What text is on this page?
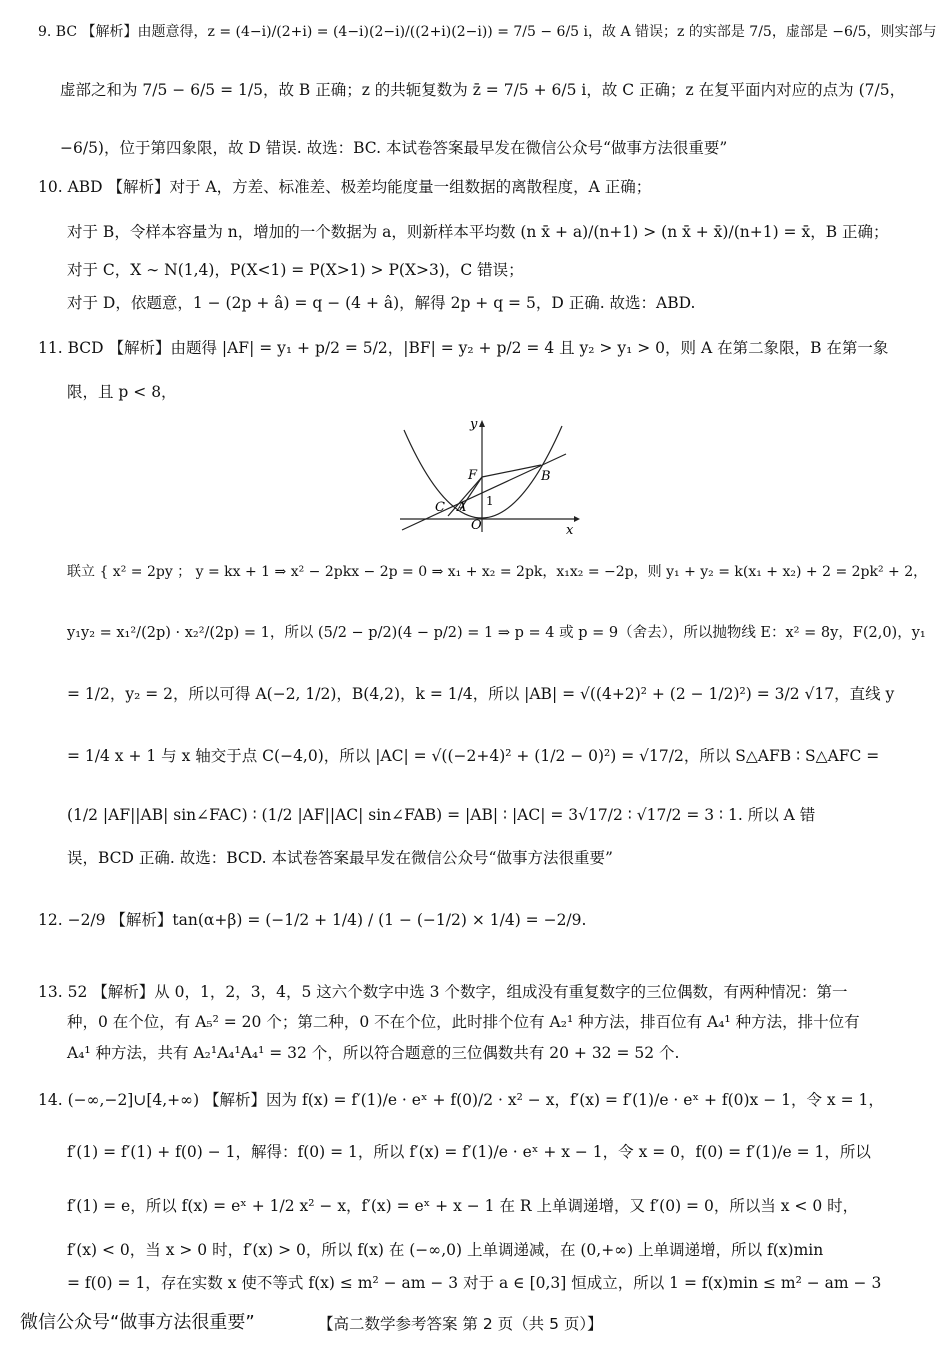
9. BC 【解析】由题意得，z = (4−i)/(2+i) = (4−i)(2−i)/((2+i)(2−i)) = 7/5 − 6/5 i，故 A 错误；z 的实部是 7/5，虚部是 −6/5，则实部与
虚部之和为 7/5 − 6/5 = 1/5，故 B 正确；z 的共轭复数为 z̄ = 7/5 + 6/5 i，故 C 正确；z 在复平面内对应的点为 (7/5，
−6/5)，位于第四象限，故 D 错误. 故选：BC. 本试卷答案最早发在微信公众号“做事方法很重要”
10. ABD 【解析】对于 A，方差、标准差、极差均能度量一组数据的离散程度，A 正确；
对于 B，令样本容量为 n，增加的一个数据为 a，则新样本平均数 (n x̄ + a)/(n+1) > (n x̄ + x̄)/(n+1) = x̄，B 正确；
对于 C，X ∼ N(1,4)，P(X<1) = P(X>1) > P(X>3)，C 错误；
对于 D，依题意，1 − (2p + â) = q − (4 + â)，解得 2p + q = 5，D 正确. 故选：ABD.
11. BCD 【解析】由题得 |AF| = y₁ + p/2 = 5/2，|BF| = y₂ + p/2 = 4 且 y₂ > y₁ > 0，则 A 在第二象限，B 在第一象
限，且 p < 8，
联立 { x² = 2py ； y = kx + 1 ⇒ x² − 2pkx − 2p = 0 ⇒ x₁ + x₂ = 2pk，x₁x₂ = −2p，则 y₁ + y₂ = k(x₁ + x₂) + 2 = 2pk² + 2，
y₁y₂ = x₁²/(2p) · x₂²/(2p) = 1，所以 (5/2 − p/2)(4 − p/2) = 1 ⇒ p = 4 或 p = 9（舍去），所以抛物线 E：x² = 8y，F(2,0)，y₁
= 1/2，y₂ = 2，所以可得 A(−2, 1/2)，B(4,2)，k = 1/4，所以 |AB| = √((4+2)² + (2 − 1/2)²) = 3/2 √17，直线 y
= 1/4 x + 1 与 x 轴交于点 C(−4,0)，所以 |AC| = √((−2+4)² + (1/2 − 0)²) = √17/2，所以 S△AFB ∶ S△AFC =
(1/2 |AF||AB| sin∠FAC) ∶ (1/2 |AF||AC| sin∠FAB) = |AB| ∶ |AC| = 3√17/2 ∶ √17/2 = 3 ∶ 1. 所以 A 错
误，BCD 正确. 故选：BCD. 本试卷答案最早发在微信公众号“做事方法很重要”
12. −2/9 【解析】tan(α+β) = (−1/2 + 1/4) / (1 − (−1/2) × 1/4) = −2/9.
13. 52 【解析】从 0，1，2，3，4，5 这六个数字中选 3 个数字，组成没有重复数字的三位偶数，有两种情况：第一
种，0 在个位，有 A₅² = 20 个；第二种，0 不在个位，此时排个位有 A₂¹ 种方法，排百位有 A₄¹ 种方法，排十位有
A₄¹ 种方法，共有 A₂¹A₄¹A₄¹ = 32 个，所以符合题意的三位偶数共有 20 + 32 = 52 个.
14. (−∞,−2]∪[4,+∞) 【解析】因为 f(x) = f′(1)/e · eˣ + f(0)/2 · x² − x，f′(x) = f′(1)/e · eˣ + f(0)x − 1，令 x = 1，
f′(1) = f′(1) + f(0) − 1，解得：f(0) = 1，所以 f′(x) = f′(1)/e · eˣ + x − 1，令 x = 0，f(0) = f′(1)/e = 1，所以
f′(1) = e，所以 f(x) = eˣ + 1/2 x² − x，f′(x) = eˣ + x − 1 在 R 上单调递增，又 f′(0) = 0，所以当 x < 0 时，
f′(x) < 0，当 x > 0 时，f′(x) > 0，所以 f(x) 在 (−∞,0) 上单调递减，在 (0,+∞) 上单调递增，所以 f(x)min
= f(0) = 1，存在实数 x 使不等式 f(x) ≤ m² − am − 3 对于 a ∈ [0,3] 恒成立，所以 1 = f(x)min ≤ m² − am − 3
y
x
F	B
C A
O
1
微信公众号“做事方法很重要”	【高二数学参考答案 第 2 页（共 5 页）】
